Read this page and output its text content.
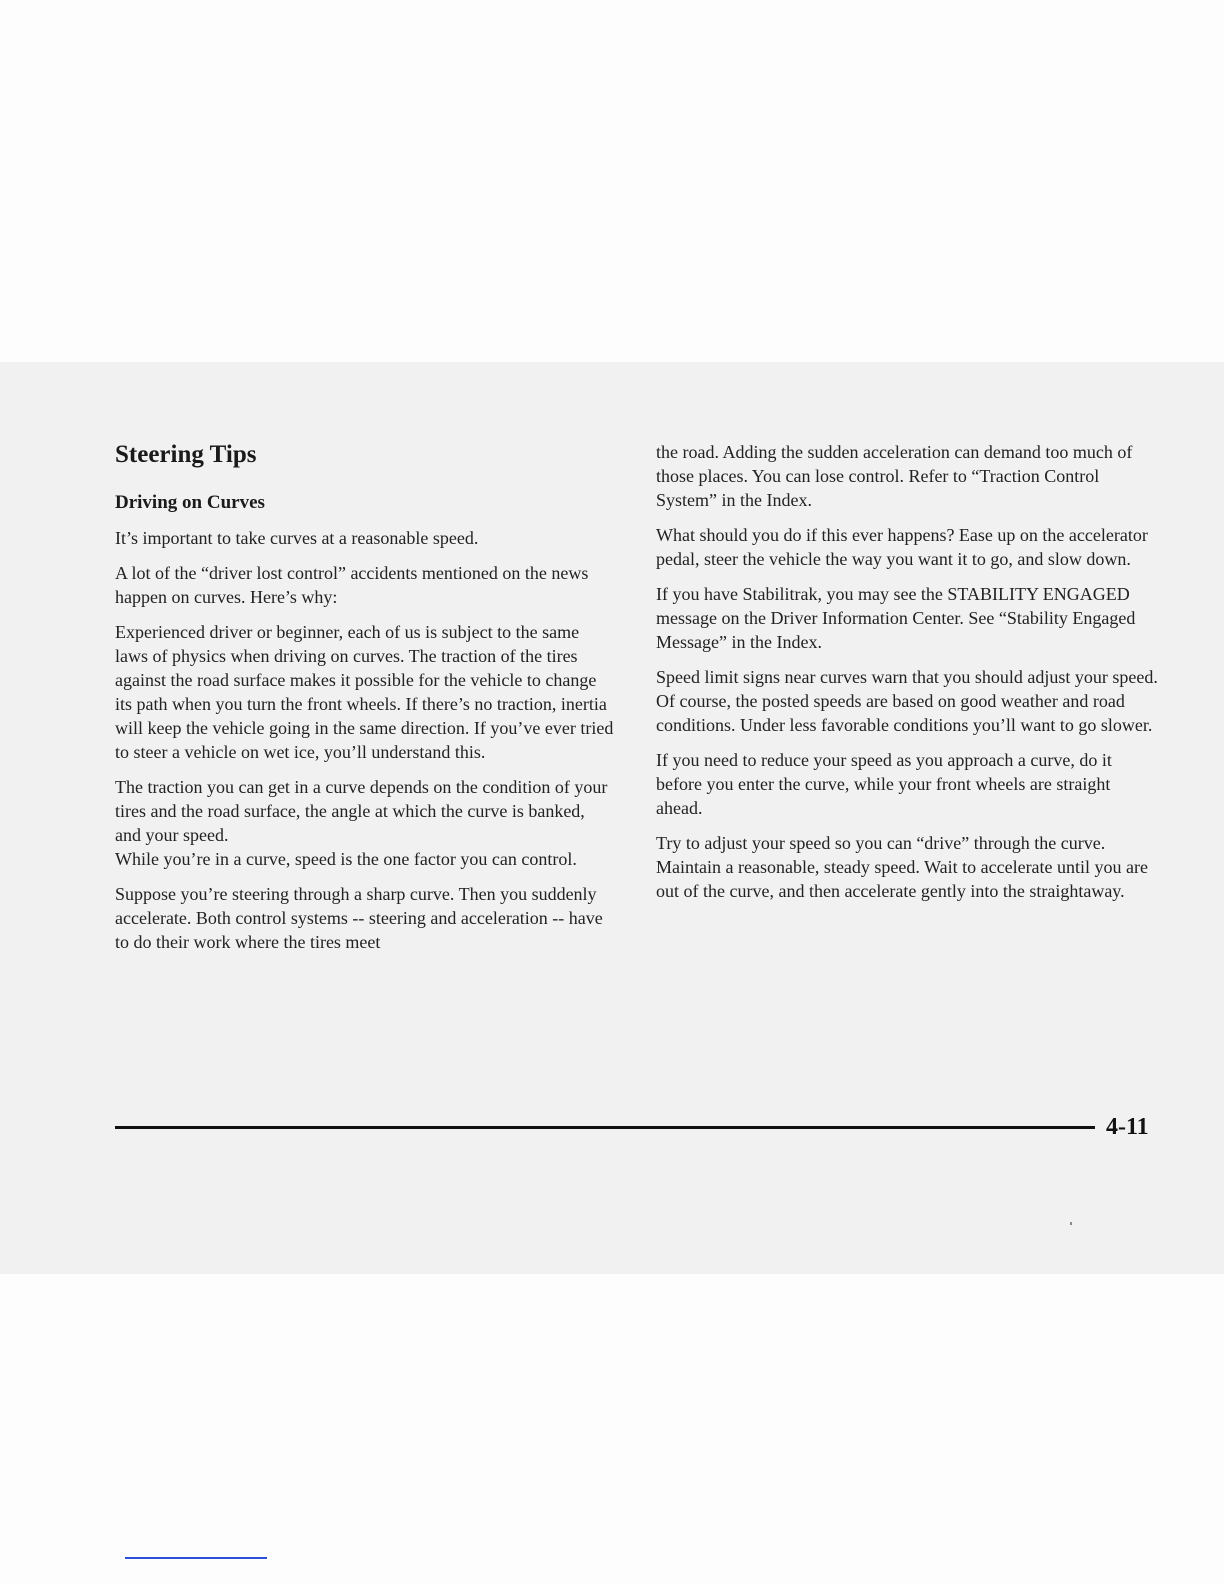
Steering Tips
Driving on Curves

It’s important to take curves at a reasonable speed.

A lot of the “driver lost control” accidents mentioned on the news happen on curves. Here’s why:

Experienced driver or beginner, each of us is subject to the same laws of physics when driving on curves. The traction of the tires against the road surface makes it possible for the vehicle to change its path when you turn the front wheels. If there’s no traction, inertia will keep the vehicle going in the same direction. If you’ve ever tried to steer a vehicle on wet ice, you’ll understand this.

The traction you can get in a curve depends on the condition of your tires and the road surface, the angle at which the curve is banked, and your speed.

While you’re in a curve, speed is the one factor you can control.

Suppose you’re steering through a sharp curve. Then you suddenly accelerate. Both control systems -- steering and acceleration -- have to do their work where the tires meet

the road. Adding the sudden acceleration can demand too much of those places. You can lose control. Refer to “Traction Control System” in the Index.

What should you do if this ever happens? Ease up on the accelerator pedal, steer the vehicle the way you want it to go, and slow down.

If you have Stabilitrak, you may see the STABILITY ENGAGED message on the Driver Information Center. See “Stability Engaged Message” in the Index.

Speed limit signs near curves warn that you should adjust your speed. Of course, the posted speeds are based on good weather and road conditions. Under less favorable conditions you’ll want to go slower.

If you need to reduce your speed as you approach a curve, do it before you enter the curve, while your front wheels are straight ahead.

Try to adjust your speed so you can “drive” through the curve. Maintain a reasonable, steady speed. Wait to accelerate until you are out of the curve, and then accelerate gently into the straightaway.

4-11
